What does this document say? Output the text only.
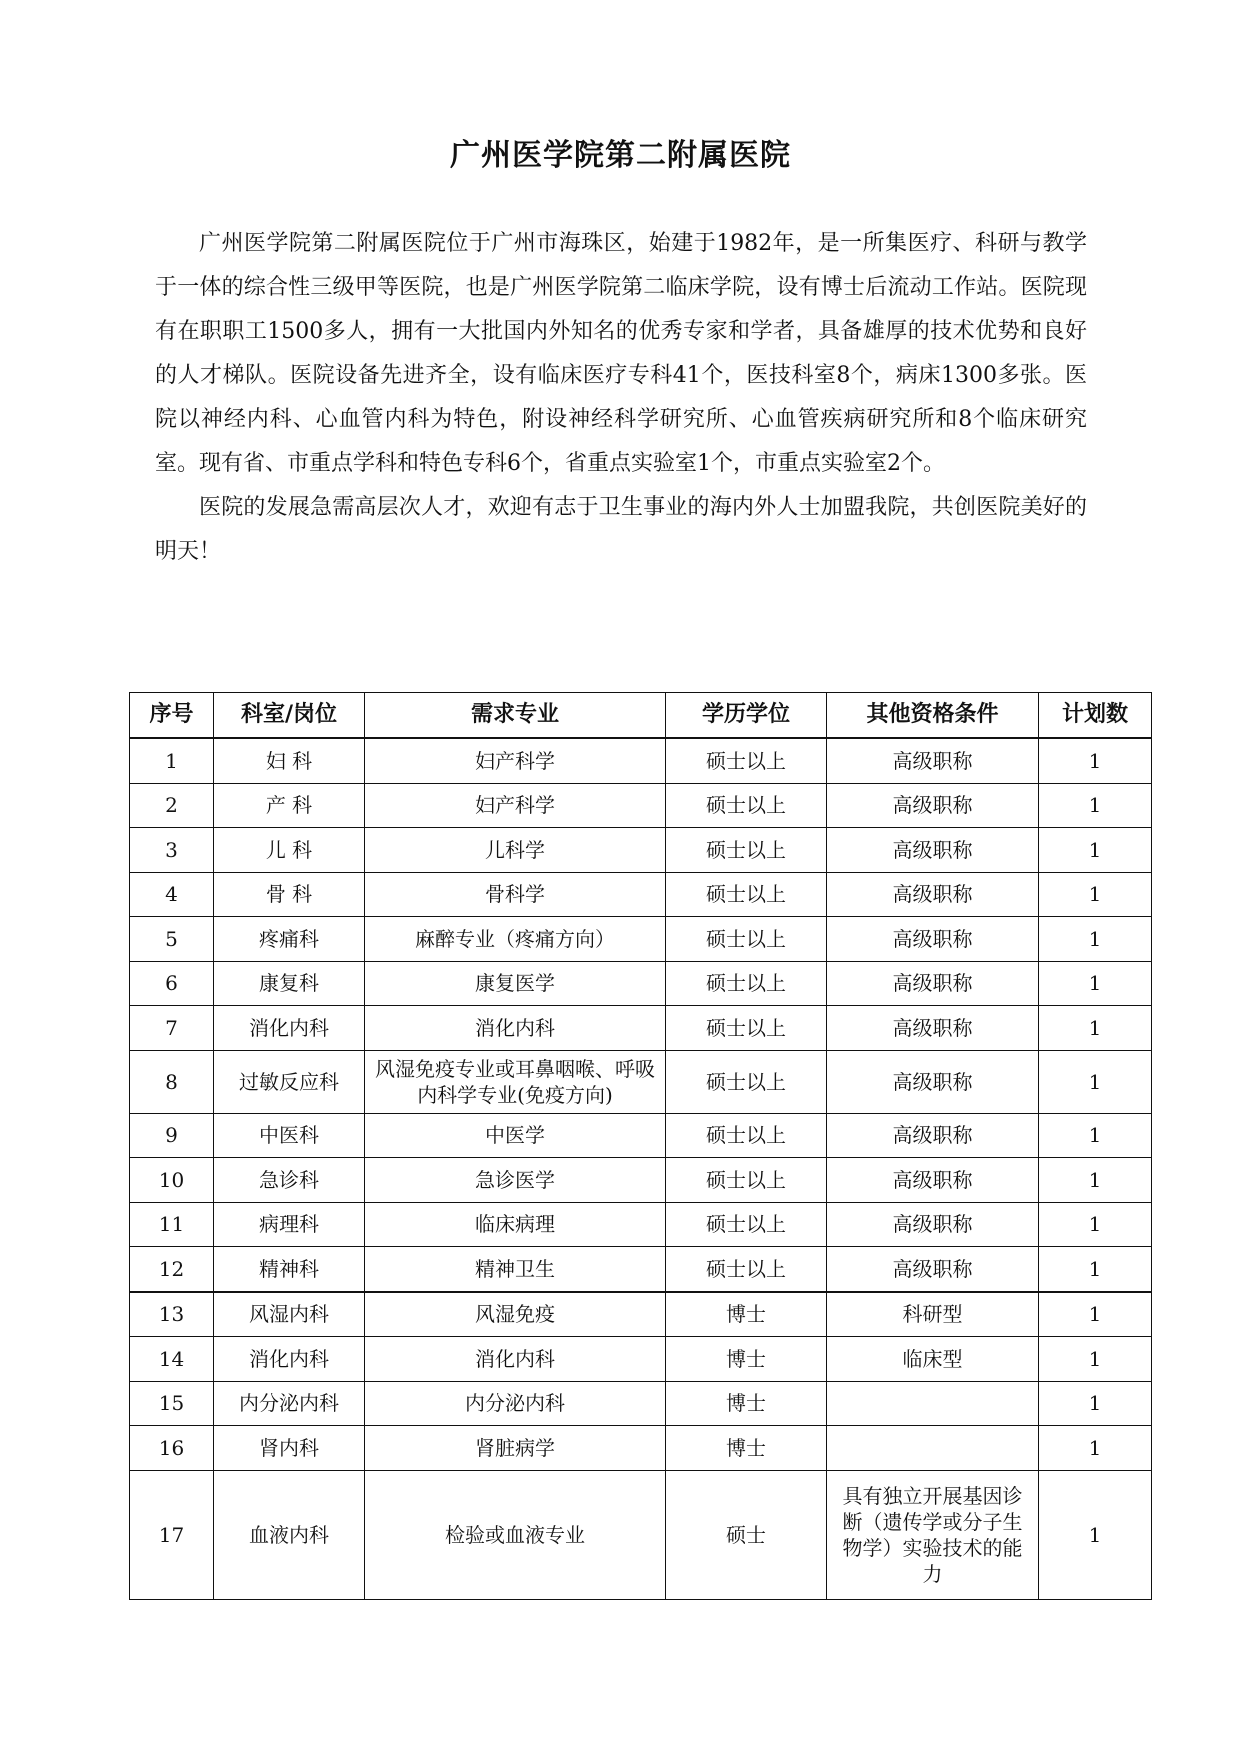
广州医学院第二附属医院

广州医学院第二附属医院位于广州市海珠区，始建于1982年，是一所集医疗、科研与教学于一体的综合性三级甲等医院，也是广州医学院第二临床学院，设有博士后流动工作站。医院现有在职职工1500多人，拥有一大批国内外知名的优秀专家和学者，具备雄厚的技术优势和良好的人才梯队。医院设备先进齐全，设有临床医疗专科41个，医技科室8个，病床1300多张。医院以神经内科、心血管内科为特色，附设神经科学研究所、心血管疾病研究所和8个临床研究室。现有省、市重点学科和特色专科6个，省重点实验室1个，市重点实验室2个。

医院的发展急需高层次人才，欢迎有志于卫生事业的海内外人士加盟我院，共创医院美好的明天！

序号	科室/岗位	需求专业	学历学位	其他资格条件	计划数
1	妇 科	妇产科学	硕士以上	高级职称	1
2	产 科	妇产科学	硕士以上	高级职称	1
3	儿 科	儿科学	硕士以上	高级职称	1
4	骨 科	骨科学	硕士以上	高级职称	1
5	疼痛科	麻醉专业（疼痛方向）	硕士以上	高级职称	1
6	康复科	康复医学	硕士以上	高级职称	1
7	消化内科	消化内科	硕士以上	高级职称	1
8	过敏反应科	风湿免疫专业或耳鼻咽喉、呼吸内科学专业(免疫方向)	硕士以上	高级职称	1
9	中医科	中医学	硕士以上	高级职称	1
10	急诊科	急诊医学	硕士以上	高级职称	1
11	病理科	临床病理	硕士以上	高级职称	1
12	精神科	精神卫生	硕士以上	高级职称	1
13	风湿内科	风湿免疫	博士	科研型	1
14	消化内科	消化内科	博士	临床型	1
15	内分泌内科	内分泌内科	博士		1
16	肾内科	肾脏病学	博士		1
17	血液内科	检验或血液专业	硕士	具有独立开展基因诊断（遗传学或分子生物学）实验技术的能力	1
